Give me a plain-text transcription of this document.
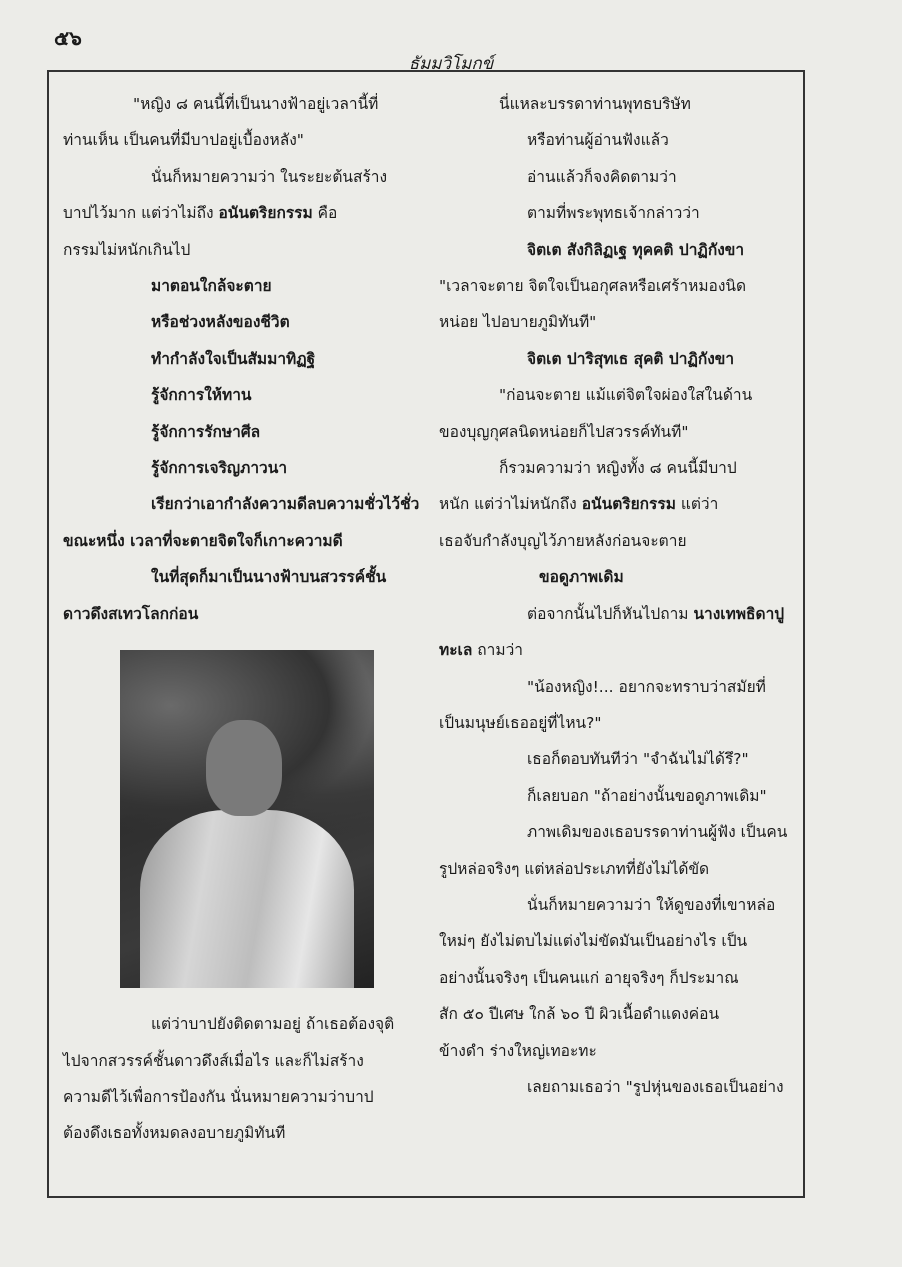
๕๖
ธัมมวิโมกข์

"หญิง ๘ คนนี้ที่เป็นนางฟ้าอยู่เวลานี้ที่

ท่านเห็น เป็นคนที่มีบาปอยู่เบื้องหลัง"

นั่นก็หมายความว่า ในระยะต้นสร้าง

บาปไว้มาก แต่ว่าไม่ถึง อนันตริยกรรม คือ

กรรมไม่หนักเกินไป

มาตอนใกล้จะตาย

หรือช่วงหลังของชีวิต

ทำกำลังใจเป็นสัมมาทิฏฐิ

รู้จักการให้ทาน

รู้จักการรักษาศีล

รู้จักการเจริญภาวนา

เรียกว่าเอากำลังความดีลบความชั่วไว้ชั่ว

ขณะหนึ่ง เวลาที่จะตายจิตใจก็เกาะความดี

ในที่สุดก็มาเป็นนางฟ้าบนสวรรค์ชั้น

ดาวดึงสเทวโลกก่อน

แต่ว่าบาปยังติดตามอยู่ ถ้าเธอต้องจุติ

ไปจากสวรรค์ชั้นดาวดึงส์เมื่อไร และก็ไม่สร้าง

ความดีไว้เพื่อการป้องกัน นั่นหมายความว่าบาป

ต้องดึงเธอทั้งหมดลงอบายภูมิทันที

นี่แหละบรรดาท่านพุทธบริษัท

หรือท่านผู้อ่านฟังแล้ว

อ่านแล้วก็จงคิดตามว่า

ตามที่พระพุทธเจ้ากล่าวว่า

จิตเต สังกิลิฏเฐ ทุคคติ ปาฏิกังขา

"เวลาจะตาย จิตใจเป็นอกุศลหรือเศร้าหมองนิด

หน่อย ไปอบายภูมิทันที"

จิตเต ปาริสุทเธ สุคติ ปาฏิกังขา

"ก่อนจะตาย แม้แต่จิตใจผ่องใสในด้าน

ของบุญกุศลนิดหน่อยก็ไปสวรรค์ทันที"

ก็รวมความว่า หญิงทั้ง ๘ คนนี้มีบาป

หนัก แต่ว่าไม่หนักถึง อนันตริยกรรม แต่ว่า

เธอจับกำลังบุญไว้ภายหลังก่อนจะตาย

ขอดูภาพเดิม

ต่อจากนั้นไปก็หันไปถาม นางเทพธิดาปู

ทะเล ถามว่า

"น้องหญิง!... อยากจะทราบว่าสมัยที่

เป็นมนุษย์เธออยู่ที่ไหน?"

เธอก็ตอบทันทีว่า "จำฉันไม่ได้รึ?"

ก็เลยบอก "ถ้าอย่างนั้นขอดูภาพเดิม"

ภาพเดิมของเธอบรรดาท่านผู้ฟัง เป็นคน

รูปหล่อจริงๆ แต่หล่อประเภทที่ยังไม่ได้ขัด

นั่นก็หมายความว่า ให้ดูของที่เขาหล่อ

ใหม่ๆ ยังไม่ตบไม่แต่งไม่ขัดมันเป็นอย่างไร เป็น

อย่างนั้นจริงๆ เป็นคนแก่ อายุจริงๆ ก็ประมาณ

สัก ๕๐ ปีเศษ ใกล้ ๖๐ ปี ผิวเนื้อดำแดงค่อน

ข้างดำ ร่างใหญ่เทอะทะ

เลยถามเธอว่า "รูปหุ่นของเธอเป็นอย่าง
